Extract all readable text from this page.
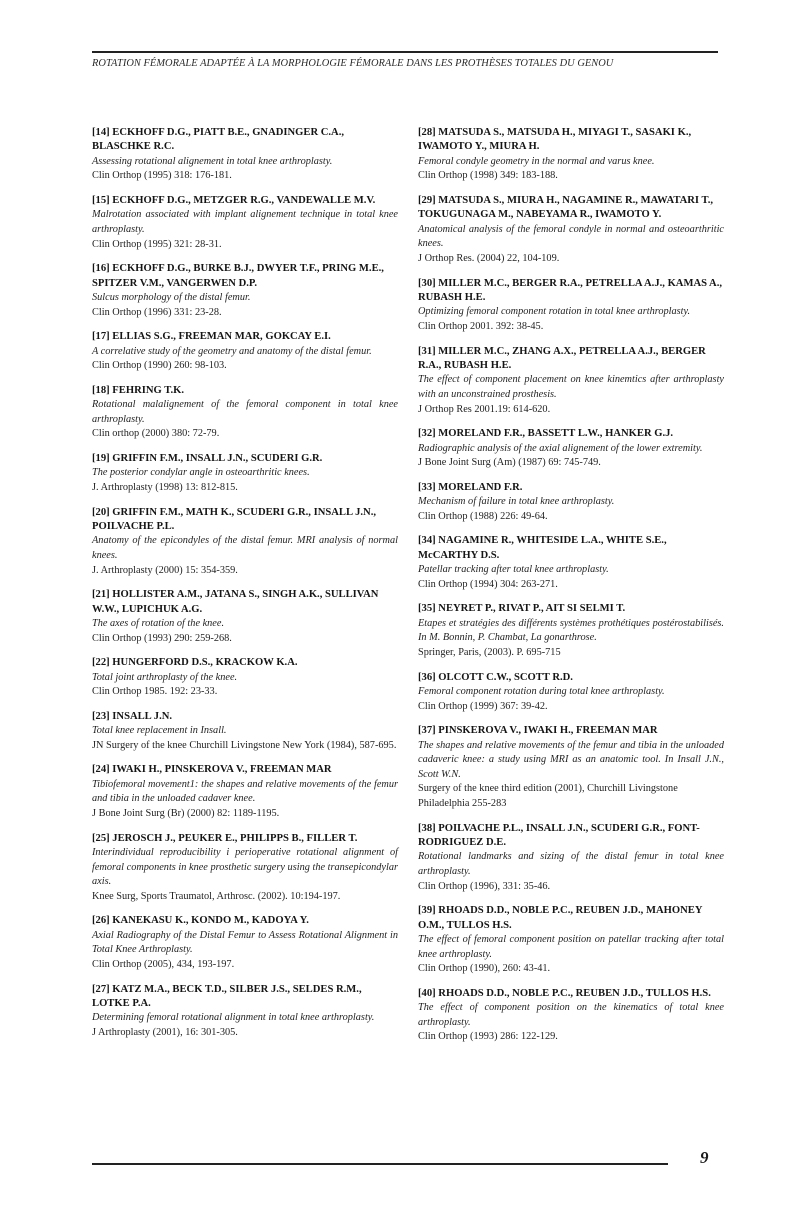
ROTATION FÉMORALE ADAPTÉE À LA MORPHOLOGIE FÉMORALE DANS LES PROTHÈSES TOTALES DU GENOU
[14] ECKHOFF D.G., PIATT B.E., GNADINGER C.A., BLASCHKE R.C.
Assessing rotational alignement in total knee arthroplasty.
Clin Orthop (1995) 318: 176-181.
[15] ECKHOFF D.G., METZGER R.G., VANDEWALLE M.V.
Malrotation associated with implant alignement technique in total knee arthroplasty.
Clin Orthop (1995) 321: 28-31.
[16] ECKHOFF D.G., BURKE B.J., DWYER T.F., PRING M.E., SPITZER V.M., VANGERWEN D.P.
Sulcus morphology of the distal femur.
Clin Orthop (1996) 331: 23-28.
[17] ELLIAS S.G., FREEMAN MAR, GOKCAY E.I.
A correlative study of the geometry and anatomy of the distal femur.
Clin Orthop (1990) 260: 98-103.
[18] FEHRING T.K.
Rotational malalignement of the femoral component in total knee arthroplasty.
Clin orthop (2000) 380: 72-79.
[19] GRIFFIN F.M., INSALL J.N., SCUDERI G.R.
The posterior condylar angle in osteoarthritic knees.
J. Arthroplasty (1998) 13: 812-815.
[20] GRIFFIN F.M., MATH K., SCUDERI G.R., INSALL J.N., POILVACHE P.L.
Anatomy of the epicondyles of the distal femur. MRI analysis of normal knees.
J. Arthroplasty (2000) 15: 354-359.
[21] HOLLISTER A.M., JATANA S., SINGH A.K., SULLIVAN W.W., LUPICHUK A.G.
The axes of rotation of the knee.
Clin Orthop (1993) 290: 259-268.
[22] HUNGERFORD D.S., KRACKOW K.A.
Total joint arthroplasty of the knee.
Clin Orthop 1985. 192: 23-33.
[23] INSALL J.N.
Total knee replacement in Insall.
JN Surgery of the knee Churchill Livingstone New York (1984), 587-695.
[24] IWAKI H., PINSKEROVA V., FREEMAN MAR
Tibiofemoral movement1: the shapes and relative movements of the femur and tibia in the unloaded cadaver knee.
J Bone Joint Surg (Br) (2000) 82: 1189-1195.
[25] JEROSCH J., PEUKER E., PHILIPPS B., FILLER T.
Interindividual reproducibility i perioperative rotational alignment of femoral components in knee prosthetic surgery using the transepicondylar axis.
Knee Surg, Sports Traumatol, Arthrosc. (2002). 10:194-197.
[26] KANEKASU K., KONDO M., KADOYA Y.
Axial Radiography of the Distal Femur to Assess Rotational Alignment in Total Knee Arthroplasty.
Clin Orthop (2005), 434, 193-197.
[27] KATZ M.A., BECK T.D., SILBER J.S., SELDES R.M., LOTKE P.A.
Determining femoral rotational alignment in total knee arthroplasty.
J Arthroplasty (2001), 16: 301-305.
[28] MATSUDA S., MATSUDA H., MIYAGI T., SASAKI K., IWAMOTO Y., MIURA H.
Femoral condyle geometry in the normal and varus knee.
Clin Orthop (1998) 349: 183-188.
[29] MATSUDA S., MIURA H., NAGAMINE R., MAWATARI T., TOKUGUNAGA M., NABEYAMA R., IWAMOTO Y.
Anatomical analysis of the femoral condyle in normal and osteoarthritic knees.
J Orthop Res. (2004) 22, 104-109.
[30] MILLER M.C., BERGER R.A., PETRELLA A.J., KAMAS A., RUBASH H.E.
Optimizing femoral component rotation in total knee arthroplasty.
Clin Orthop 2001. 392: 38-45.
[31] MILLER M.C., ZHANG A.X., PETRELLA A.J., BERGER R.A., RUBASH H.E.
The effect of component placement on knee kinemtics after arthroplasty with an unconstrained prosthesis.
J Orthop Res 2001.19: 614-620.
[32] MORELAND F.R., BASSETT L.W., HANKER G.J.
Radiographic analysis of the axial alignement of the lower extremity.
J Bone Joint Surg (Am) (1987) 69: 745-749.
[33] MORELAND F.R.
Mechanism of failure in total knee arthroplasty.
Clin Orthop (1988) 226: 49-64.
[34] NAGAMINE R., WHITESIDE L.A., WHITE S.E., McCARTHY D.S.
Patellar tracking after total knee arthroplasty.
Clin Orthop (1994) 304: 263-271.
[35] NEYRET P., RIVAT P., AIT SI SELMI T.
Etapes et stratégies des différents systèmes prothétiques postérostabilisés. In M. Bonnin, P. Chambat, La gonarthrose.
Springer, Paris, (2003). P. 695-715
[36] OLCOTT C.W., SCOTT R.D.
Femoral component rotation during total knee arthroplasty.
Clin Orthop (1999) 367: 39-42.
[37] PINSKEROVA V., IWAKI H., FREEMAN MAR
The shapes and relative movements of the femur and tibia in the unloaded cadaveric knee: a study using MRI as an anatomic tool. In Insall J.N., Scott W.N.
Surgery of the knee third edition (2001), Churchill Livingstone Philadelphia 255-283
[38] POILVACHE P.L., INSALL J.N., SCUDERI G.R., FONT-RODRIGUEZ D.E.
Rotational landmarks and sizing of the distal femur in total knee arthroplasty.
Clin Orthop (1996), 331: 35-46.
[39] RHOADS D.D., NOBLE P.C., REUBEN J.D., MAHONEY O.M., TULLOS H.S.
The effect of femoral component position on patellar tracking after total knee arthroplasty.
Clin Orthop (1990), 260: 43-41.
[40] RHOADS D.D., NOBLE P.C., REUBEN J.D., TULLOS H.S.
The effect of component position on the kinematics of total knee arthroplasty.
Clin Orthop (1993) 286: 122-129.
9
